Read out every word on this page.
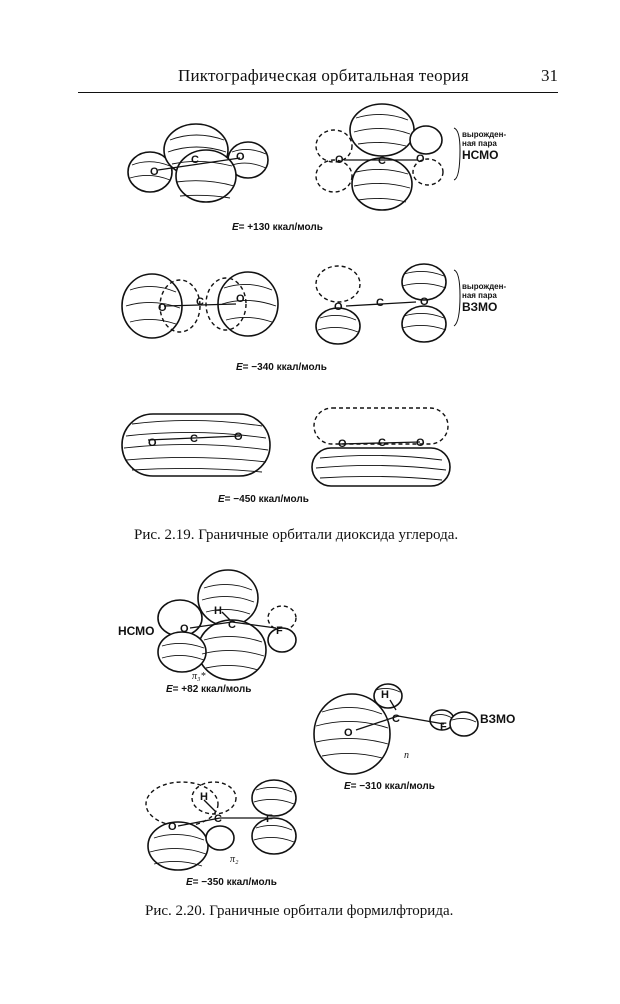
Пиктографическая орбитальная теория	31
O
C	O	O	C	O
O	C	O
O	C	O
O	C	O
O	C	O
H
C
O	F
π₃*
H
C
O	F
n
H
C
O
F
π₂
E= +130 ккал/моль
вырожден-
ная пара
НСМО
E= −340 ккал/моль
вырожден-
ная пара
ВЗМО
E= −450 ккал/моль
Рис. 2.19. Граничные орбитали диоксида углерода.
НСМО
ВЗМО
E= +82 ккал/моль
E= −310 ккал/моль
E= −350 ккал/моль
Рис. 2.20. Граничные орбитали формилфторида.
